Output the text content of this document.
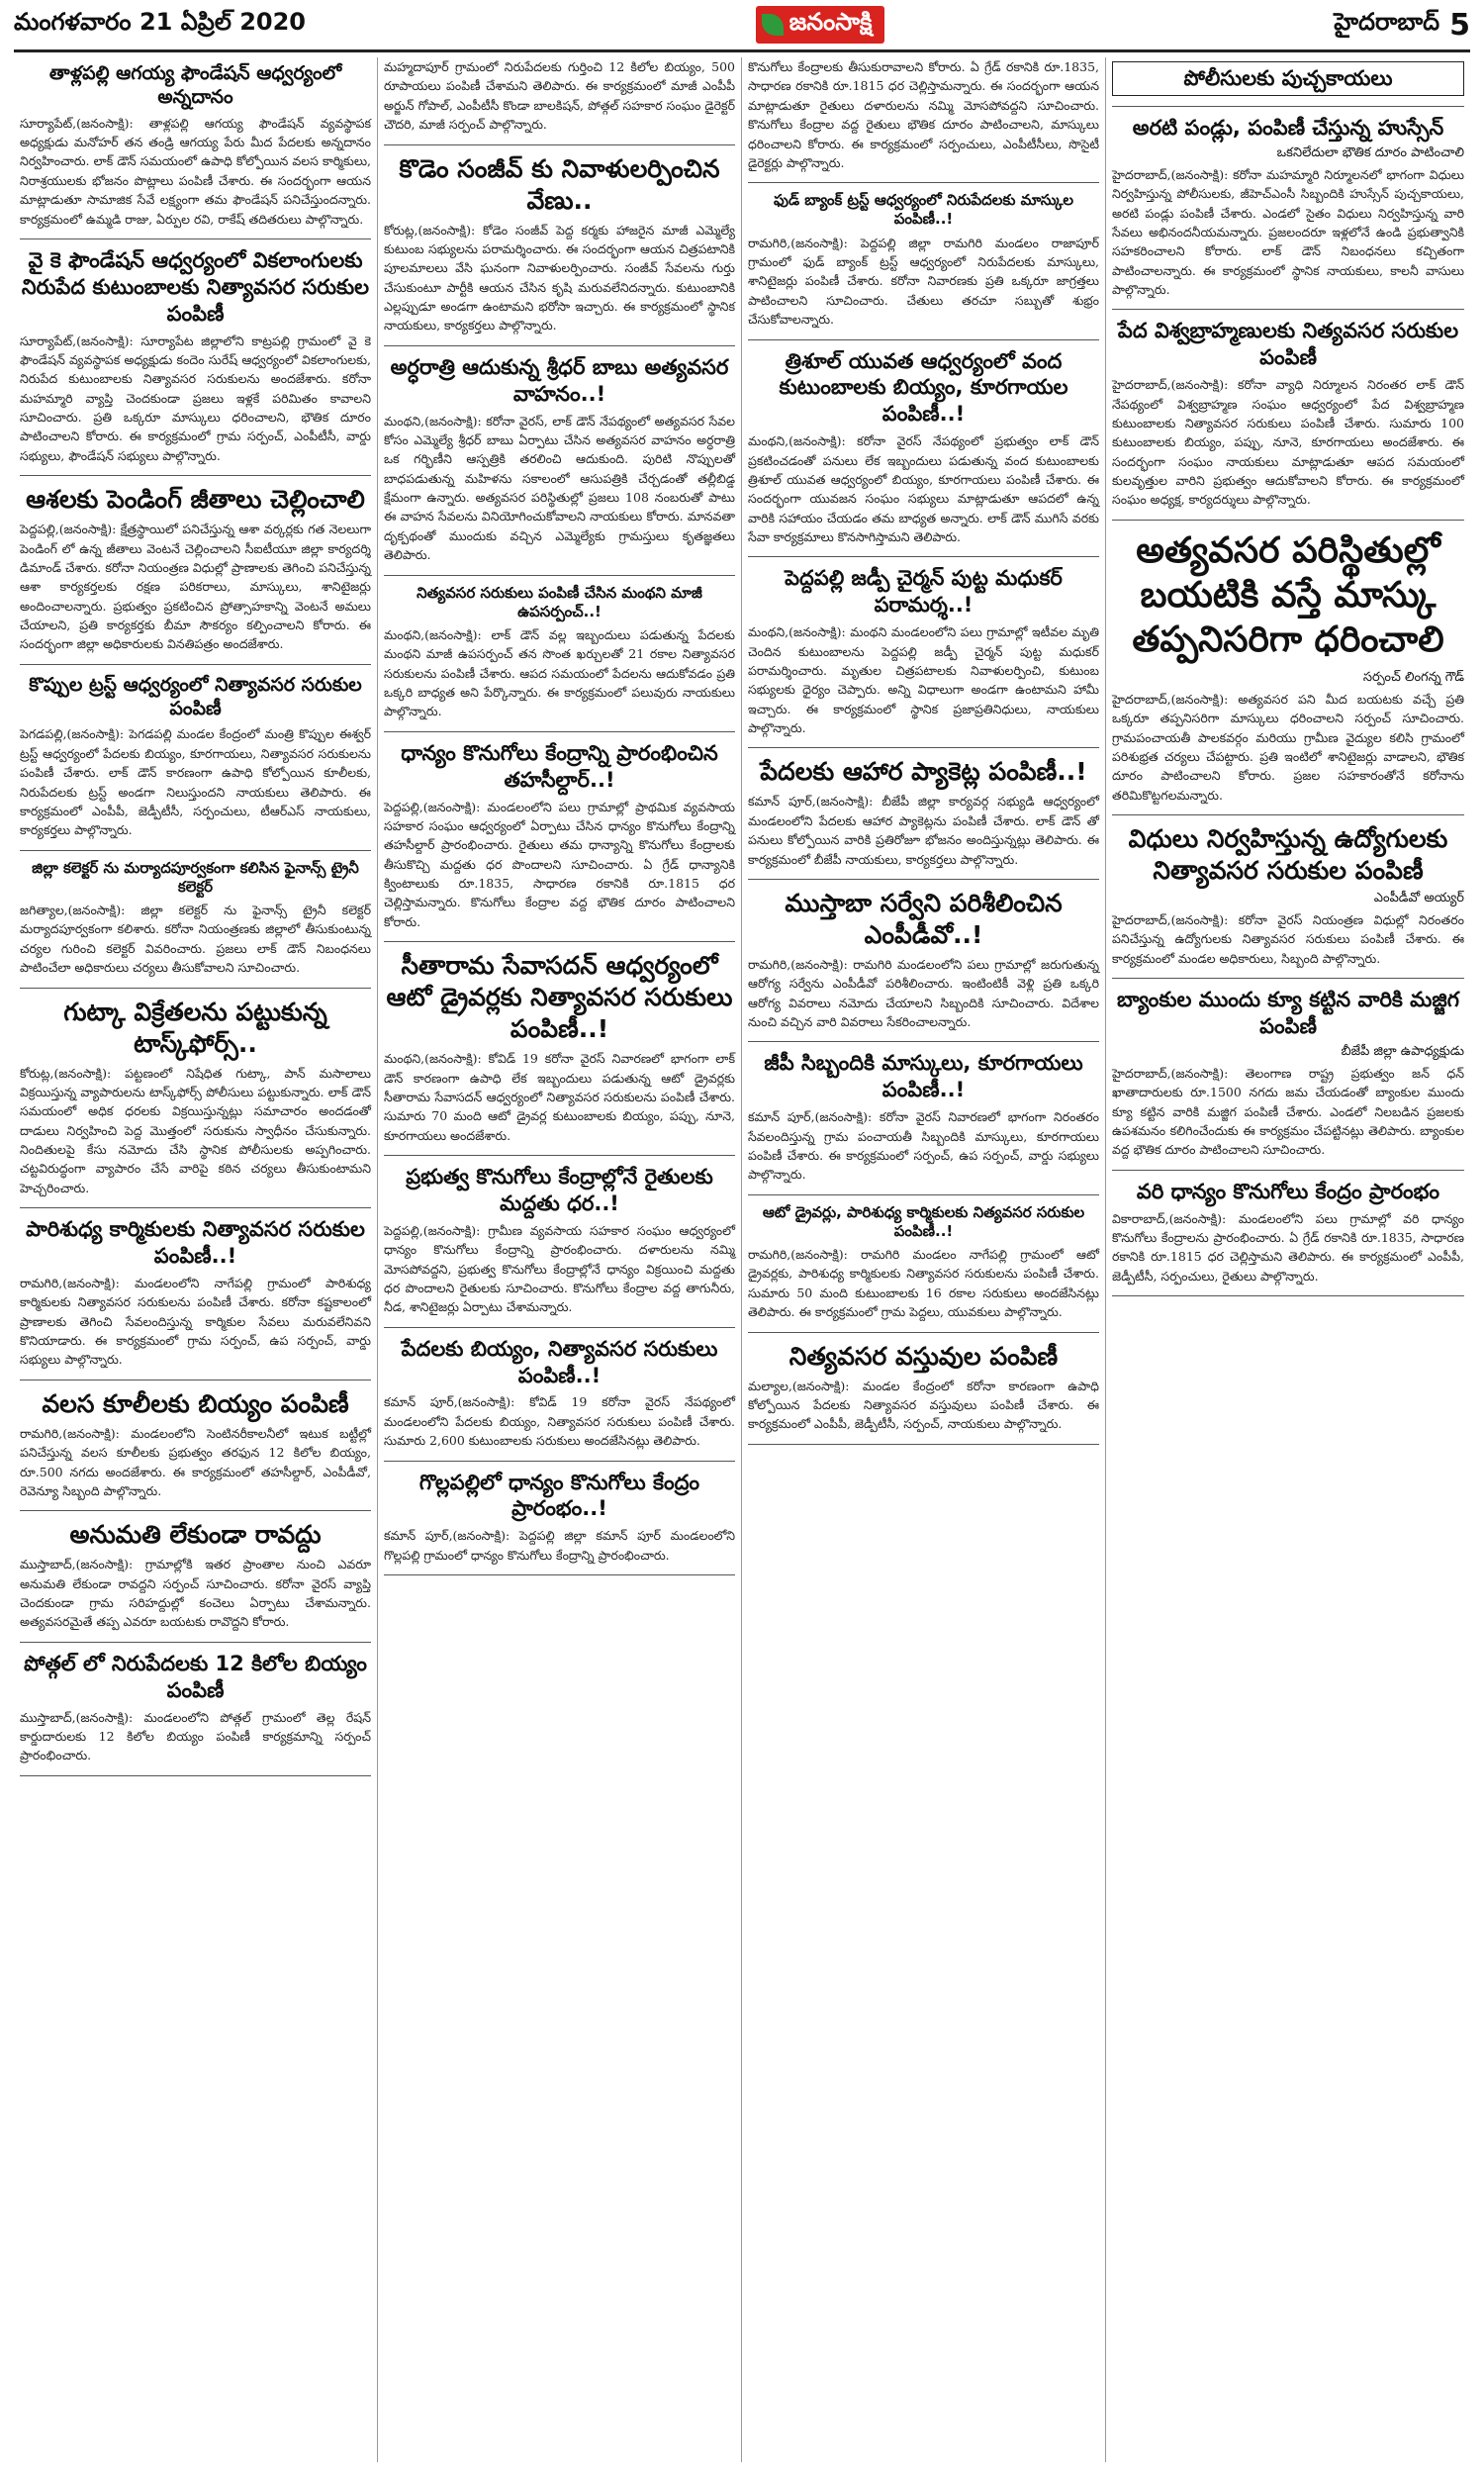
మంగళవారం 21 ఏప్రిల్ 2020	జనంసాక్షి	హైదరాబాద్ 5
తాళ్లపల్లి ఆగయ్య ఫౌండేషన్ ఆధ్వర్యంలో అన్నదానం

సూర్యాపేట్,(జనంసాక్షి): తాళ్లపల్లి ఆగయ్య ఫౌండేషన్ వ్యవస్థాపక అధ్యక్షుడు మనోహర్ తన తండ్రి ఆగయ్య పేరు మీద పేదలకు అన్నదానం నిర్వహించారు. లాక్ డౌన్ సమయంలో ఉపాధి కోల్పోయిన వలస కార్మికులు, నిరాశ్రయులకు భోజనం పొట్లాలు పంపిణీ చేశారు. ఈ సందర్భంగా ఆయన మాట్లాడుతూ సామాజిక సేవే లక్ష్యంగా తమ ఫౌండేషన్ పనిచేస్తుందన్నారు. కార్యక్రమంలో ఉమ్మడి రాజు, ఏర్పుల రవి, రాకేష్ తదితరులు పాల్గొన్నారు.

వై కె ఫౌండేషన్ ఆధ్వర్యంలో వికలాంగులకు నిరుపేద కుటుంబాలకు నిత్యావసర సరుకుల పంపిణీ

సూర్యాపేట్,(జనంసాక్షి): సూర్యాపేట జిల్లాలోని కాట్రపల్లి గ్రామంలో వై కె ఫౌండేషన్ వ్యవస్థాపక అధ్యక్షుడు కందెం సురేష్ ఆధ్వర్యంలో వికలాంగులకు, నిరుపేద కుటుంబాలకు నిత్యావసర సరుకులను అందజేశారు. కరోనా మహమ్మారి వ్యాప్తి చెందకుండా ప్రజలు ఇళ్లకే పరిమితం కావాలని సూచించారు. ప్రతి ఒక్కరూ మాస్కులు ధరించాలని, భౌతిక దూరం పాటించాలని కోరారు. ఈ కార్యక్రమంలో గ్రామ సర్పంచ్, ఎంపీటీసీ, వార్డు సభ్యులు, ఫౌండేషన్ సభ్యులు పాల్గొన్నారు.

ఆశలకు పెండింగ్ జీతాలు చెల్లించాలి

పెద్దపల్లి,(జనంసాక్షి): క్షేత్రస్థాయిలో పనిచేస్తున్న ఆశా వర్కర్లకు గత నెలలుగా పెండింగ్ లో ఉన్న జీతాలు వెంటనే చెల్లించాలని సీఐటీయూ జిల్లా కార్యదర్శి డిమాండ్ చేశారు. కరోనా నియంత్రణ విధుల్లో ప్రాణాలకు తెగించి పనిచేస్తున్న ఆశా కార్యకర్తలకు రక్షణ పరికరాలు, మాస్కులు, శానిటైజర్లు అందించాలన్నారు. ప్రభుత్వం ప్రకటించిన ప్రోత్సాహకాన్ని వెంటనే అమలు చేయాలని, ప్రతి కార్యకర్తకు బీమా సౌకర్యం కల్పించాలని కోరారు. ఈ సందర్భంగా జిల్లా అధికారులకు వినతిపత్రం అందజేశారు.

కొప్పుల ట్రస్ట్ ఆధ్వర్యంలో నిత్యావసర సరుకుల పంపిణీ

పెగడపల్లి,(జనంసాక్షి): పెగడపల్లి మండల కేంద్రంలో మంత్రి కొప్పుల ఈశ్వర్ ట్రస్ట్ ఆధ్వర్యంలో పేదలకు బియ్యం, కూరగాయలు, నిత్యావసర సరుకులను పంపిణీ చేశారు. లాక్ డౌన్ కారణంగా ఉపాధి కోల్పోయిన కూలీలకు, నిరుపేదలకు ట్రస్ట్ అండగా నిలుస్తుందని నాయకులు తెలిపారు. ఈ కార్యక్రమంలో ఎంపీపీ, జెడ్పీటీసీ, సర్పంచులు, టీఆర్ఎస్ నాయకులు, కార్యకర్తలు పాల్గొన్నారు.

జిల్లా కలెక్టర్ ను మర్యాదపూర్వకంగా కలిసిన ఫైనాన్స్ ట్రైనీ కలెక్టర్

జగిత్యాల,(జనంసాక్షి): జిల్లా కలెక్టర్ ను ఫైనాన్స్ ట్రైనీ కలెక్టర్ మర్యాదపూర్వకంగా కలిశారు. కరోనా నియంత్రణకు జిల్లాలో తీసుకుంటున్న చర్యల గురించి కలెక్టర్ వివరించారు. ప్రజలు లాక్ డౌన్ నిబంధనలు పాటించేలా అధికారులు చర్యలు తీసుకోవాలని సూచించారు.

గుట్కా విక్రేతలను పట్టుకున్న టాస్క్‌ఫోర్స్..

కోరుట్ల,(జనంసాక్షి): పట్టణంలో నిషేధిత గుట్కా, పాన్ మసాలాలు విక్రయిస్తున్న వ్యాపారులను టాస్క్‌ఫోర్స్ పోలీసులు పట్టుకున్నారు. లాక్ డౌన్ సమయంలో అధిక ధరలకు విక్రయిస్తున్నట్లు సమాచారం అందడంతో దాడులు నిర్వహించి పెద్ద మొత్తంలో సరుకును స్వాధీనం చేసుకున్నారు. నిందితులపై కేసు నమోదు చేసి స్థానిక పోలీసులకు అప్పగించారు. చట్టవిరుద్ధంగా వ్యాపారం చేసే వారిపై కఠిన చర్యలు తీసుకుంటామని హెచ్చరించారు.

పారిశుధ్య కార్మికులకు నిత్యావసర సరుకుల పంపిణీ..!

రామగిరి,(జనంసాక్షి): మండలంలోని నాగేపల్లి గ్రామంలో పారిశుధ్య కార్మికులకు నిత్యావసర సరుకులను పంపిణీ చేశారు. కరోనా కష్టకాలంలో ప్రాణాలకు తెగించి సేవలందిస్తున్న కార్మికుల సేవలు మరువలేనివని కొనియాడారు. ఈ కార్యక్రమంలో గ్రామ సర్పంచ్, ఉప సర్పంచ్, వార్డు సభ్యులు పాల్గొన్నారు.

వలస కూలీలకు బియ్యం పంపిణీ

రామగిరి,(జనంసాక్షి): మండలంలోని సెంటినరీకాలనీలో ఇటుక బట్టీల్లో పనిచేస్తున్న వలస కూలీలకు ప్రభుత్వం తరఫున 12 కిలోల బియ్యం, రూ.500 నగదు అందజేశారు. ఈ కార్యక్రమంలో తహసీల్దార్, ఎంపీడీవో, రెవెన్యూ సిబ్బంది పాల్గొన్నారు.

అనుమతి లేకుండా రావద్దు

ముస్తాబాద్,(జనంసాక్షి): గ్రామాల్లోకి ఇతర ప్రాంతాల నుంచి ఎవరూ అనుమతి లేకుండా రావద్దని సర్పంచ్ సూచించారు. కరోనా వైరస్ వ్యాప్తి చెందకుండా గ్రామ సరిహద్దుల్లో కంచెలు ఏర్పాటు చేశామన్నారు. అత్యవసరమైతే తప్ప ఎవరూ బయటకు రావొద్దని కోరారు.

పోత్గల్ లో నిరుపేదలకు 12 కిలోల బియ్యం పంపిణీ

ముస్తాబాద్,(జనంసాక్షి): మండలంలోని పోత్గల్ గ్రామంలో తెల్ల రేషన్ కార్డుదారులకు 12 కిలోల బియ్యం పంపిణీ కార్యక్రమాన్ని సర్పంచ్ ప్రారంభించారు.

మహ్మదాపూర్ గ్రామంలో నిరుపేదలకు గుర్తించి 12 కిలోల బియ్యం, 500 రూపాయలు పంపిణీ చేశామని తెలిపారు. ఈ కార్యక్రమంలో మాజీ ఎంపీపీ అర్జున్ గోపాల్, ఎంపీటీసీ కొండా బాలకిషన్, పోత్గల్ సహకార సంఘం డైరెక్టర్ చౌదరి, మాజీ సర్పంచ్ పాల్గొన్నారు.

కొడెం సంజీవ్ కు నివాళులర్పించిన వేణు..

కోరుట్ల,(జనంసాక్షి): కోడెం సంజీవ్ పెద్ద కర్మకు హాజరైన మాజీ ఎమ్మెల్యే కుటుంబ సభ్యులను పరామర్శించారు. ఈ సందర్భంగా ఆయన చిత్రపటానికి పూలమాలలు వేసి ఘనంగా నివాళులర్పించారు. సంజీవ్ సేవలను గుర్తు చేసుకుంటూ పార్టీకి ఆయన చేసిన కృషి మరువలేనిదన్నారు. కుటుంబానికి ఎల్లప్పుడూ అండగా ఉంటామని భరోసా ఇచ్చారు. ఈ కార్యక్రమంలో స్థానిక నాయకులు, కార్యకర్తలు పాల్గొన్నారు.

అర్ధరాత్రి ఆదుకున్న శ్రీధర్ బాబు అత్యవసర వాహనం..!

మంథని,(జనంసాక్షి): కరోనా వైరస్, లాక్ డౌన్ నేపథ్యంలో అత్యవసర సేవల కోసం ఎమ్మెల్యే శ్రీధర్ బాబు ఏర్పాటు చేసిన అత్యవసర వాహనం అర్ధరాత్రి ఒక గర్భిణీని ఆస్పత్రికి తరలించి ఆదుకుంది. పురిటి నొప్పులతో బాధపడుతున్న మహిళను సకాలంలో ఆసుపత్రికి చేర్చడంతో తల్లీబిడ్డ క్షేమంగా ఉన్నారు. అత్యవసర పరిస్థితుల్లో ప్రజలు 108 నంబరుతో పాటు ఈ వాహన సేవలను వినియోగించుకోవాలని నాయకులు కోరారు. మానవతా దృక్పథంతో ముందుకు వచ్చిన ఎమ్మెల్యేకు గ్రామస్తులు కృతజ్ఞతలు తెలిపారు.

నిత్యవసర సరుకులు పంపిణీ చేసిన మంథని మాజీ ఉపసర్పంచ్..!

మంథని,(జనంసాక్షి): లాక్ డౌన్ వల్ల ఇబ్బందులు పడుతున్న పేదలకు మంథని మాజీ ఉపసర్పంచ్ తన సొంత ఖర్చులతో 21 రకాల నిత్యావసర సరుకులను పంపిణీ చేశారు. ఆపద సమయంలో పేదలను ఆదుకోవడం ప్రతి ఒక్కరి బాధ్యత అని పేర్కొన్నారు. ఈ కార్యక్రమంలో పలువురు నాయకులు పాల్గొన్నారు.

ధాన్యం కొనుగోలు కేంద్రాన్ని ప్రారంభించిన తహసీల్దార్..!

పెద్దపల్లి,(జనంసాక్షి): మండలంలోని పలు గ్రామాల్లో ప్రాథమిక వ్యవసాయ సహకార సంఘం ఆధ్వర్యంలో ఏర్పాటు చేసిన ధాన్యం కొనుగోలు కేంద్రాన్ని తహసీల్దార్ ప్రారంభించారు. రైతులు తమ ధాన్యాన్ని కొనుగోలు కేంద్రాలకు తీసుకొచ్చి మద్దతు ధర పొందాలని సూచించారు. ఏ గ్రేడ్ ధాన్యానికి క్వింటాలుకు రూ.1835, సాధారణ రకానికి రూ.1815 ధర చెల్లిస్తామన్నారు. కొనుగోలు కేంద్రాల వద్ద భౌతిక దూరం పాటించాలని కోరారు.

సీతారామ సేవాసదన్ ఆధ్వర్యంలో ఆటో డ్రైవర్లకు నిత్యావసర సరుకులు పంపిణీ..!

మంథని,(జనంసాక్షి): కోవిడ్ 19 కరోనా వైరస్ నివారణలో భాగంగా లాక్ డౌన్ కారణంగా ఉపాధి లేక ఇబ్బందులు పడుతున్న ఆటో డ్రైవర్లకు సీతారామ సేవాసదన్ ఆధ్వర్యంలో నిత్యావసర సరుకులను పంపిణీ చేశారు. సుమారు 70 మంది ఆటో డ్రైవర్ల కుటుంబాలకు బియ్యం, పప్పు, నూనె, కూరగాయలు అందజేశారు.

ప్రభుత్వ కొనుగోలు కేంద్రాల్లోనే రైతులకు మద్దతు ధర..!

పెద్దపల్లి,(జనంసాక్షి): గ్రామీణ వ్యవసాయ సహకార సంఘం ఆధ్వర్యంలో ధాన్యం కొనుగోలు కేంద్రాన్ని ప్రారంభించారు. దళారులను నమ్మి మోసపోవద్దని, ప్రభుత్వ కొనుగోలు కేంద్రాల్లోనే ధాన్యం విక్రయించి మద్దతు ధర పొందాలని రైతులకు సూచించారు. కొనుగోలు కేంద్రాల వద్ద తాగునీరు, నీడ, శానిటైజర్లు ఏర్పాటు చేశామన్నారు.

పేదలకు బియ్యం, నిత్యావసర సరుకులు పంపిణీ..!

కమాన్ పూర్,(జనంసాక్షి): కోవిడ్ 19 కరోనా వైరస్ నేపథ్యంలో మండలంలోని పేదలకు బియ్యం, నిత్యావసర సరుకులు పంపిణీ చేశారు. సుమారు 2,600 కుటుంబాలకు సరుకులు అందజేసినట్లు తెలిపారు.

గొల్లపల్లిలో ధాన్యం కొనుగోలు కేంద్రం ప్రారంభం..!

కమాన్ పూర్,(జనంసాక్షి): పెద్దపల్లి జిల్లా కమాన్ పూర్ మండలంలోని గొల్లపల్లి గ్రామంలో ధాన్యం కొనుగోలు కేంద్రాన్ని ప్రారంభించారు.

కొనుగోలు కేంద్రాలకు తీసుకురావాలని కోరారు. ఏ గ్రేడ్ రకానికి రూ.1835, సాధారణ రకానికి రూ.1815 ధర చెల్లిస్తామన్నారు. ఈ సందర్భంగా ఆయన మాట్లాడుతూ రైతులు దళారులను నమ్మి మోసపోవద్దని సూచించారు. కొనుగోలు కేంద్రాల వద్ద రైతులు భౌతిక దూరం పాటించాలని, మాస్కులు ధరించాలని కోరారు. ఈ కార్యక్రమంలో సర్పంచులు, ఎంపీటీసీలు, సొసైటీ డైరెక్టర్లు పాల్గొన్నారు.

ఫుడ్ బ్యాంక్ ట్రస్ట్ ఆధ్వర్యంలో నిరుపేదలకు మాస్కుల పంపిణీ..!

రామగిరి,(జనంసాక్షి): పెద్దపల్లి జిల్లా రామగిరి మండలం రాజాపూర్ గ్రామంలో ఫుడ్ బ్యాంక్ ట్రస్ట్ ఆధ్వర్యంలో నిరుపేదలకు మాస్కులు, శానిటైజర్లు పంపిణీ చేశారు. కరోనా నివారణకు ప్రతి ఒక్కరూ జాగ్రత్తలు పాటించాలని సూచించారు. చేతులు తరచూ సబ్బుతో శుభ్రం చేసుకోవాలన్నారు.

త్రిశూల్ యువత ఆధ్వర్యంలో వంద కుటుంబాలకు బియ్యం, కూరగాయల పంపిణీ..!

మంథని,(జనంసాక్షి): కరోనా వైరస్ నేపథ్యంలో ప్రభుత్వం లాక్ డౌన్ ప్రకటించడంతో పనులు లేక ఇబ్బందులు పడుతున్న వంద కుటుంబాలకు త్రిశూల్ యువత ఆధ్వర్యంలో బియ్యం, కూరగాయలు పంపిణీ చేశారు. ఈ సందర్భంగా యువజన సంఘం సభ్యులు మాట్లాడుతూ ఆపదలో ఉన్న వారికి సహాయం చేయడం తమ బాధ్యత అన్నారు. లాక్ డౌన్ ముగిసే వరకు సేవా కార్యక్రమాలు కొనసాగిస్తామని తెలిపారు.

పెద్దపల్లి జడ్పీ చైర్మన్ పుట్ట మధుకర్ పరామర్శ..!

మంథని,(జనంసాక్షి): మంథని మండలంలోని పలు గ్రామాల్లో ఇటీవల మృతి చెందిన కుటుంబాలను పెద్దపల్లి జడ్పీ చైర్మన్ పుట్ట మధుకర్ పరామర్శించారు. మృతుల చిత్రపటాలకు నివాళులర్పించి, కుటుంబ సభ్యులకు ధైర్యం చెప్పారు. అన్ని విధాలుగా అండగా ఉంటామని హామీ ఇచ్చారు. ఈ కార్యక్రమంలో స్థానిక ప్రజాప్రతినిధులు, నాయకులు పాల్గొన్నారు.

పేదలకు ఆహార ప్యాకెట్ల పంపిణీ..!

కమాన్ పూర్,(జనంసాక్షి): బీజేపీ జిల్లా కార్యవర్గ సభ్యుడి ఆధ్వర్యంలో మండలంలోని పేదలకు ఆహార ప్యాకెట్లను పంపిణీ చేశారు. లాక్ డౌన్ తో పనులు కోల్పోయిన వారికి ప్రతిరోజూ భోజనం అందిస్తున్నట్లు తెలిపారు. ఈ కార్యక్రమంలో బీజేపీ నాయకులు, కార్యకర్తలు పాల్గొన్నారు.

ముస్తాబా సర్వేని పరిశీలించిన ఎంపీడీవో..!

రామగిరి,(జనంసాక్షి): రామగిరి మండలంలోని పలు గ్రామాల్లో జరుగుతున్న ఆరోగ్య సర్వేను ఎంపీడీవో పరిశీలించారు. ఇంటింటికీ వెళ్లి ప్రతి ఒక్కరి ఆరోగ్య వివరాలు నమోదు చేయాలని సిబ్బందికి సూచించారు. విదేశాల నుంచి వచ్చిన వారి వివరాలు సేకరించాలన్నారు.

జీపీ సిబ్బందికి మాస్కులు, కూరగాయలు పంపిణీ..!

కమాన్ పూర్,(జనంసాక్షి): కరోనా వైరస్ నివారణలో భాగంగా నిరంతరం సేవలందిస్తున్న గ్రామ పంచాయతీ సిబ్బందికి మాస్కులు, కూరగాయలు పంపిణీ చేశారు. ఈ కార్యక్రమంలో సర్పంచ్, ఉప సర్పంచ్, వార్డు సభ్యులు పాల్గొన్నారు.

ఆటో డ్రైవర్లు, పారిశుధ్య కార్మికులకు నిత్యవసర సరుకుల పంపిణీ..!

రామగిరి,(జనంసాక్షి): రామగిరి మండలం నాగేపల్లి గ్రామంలో ఆటో డ్రైవర్లకు, పారిశుధ్య కార్మికులకు నిత్యావసర సరుకులను పంపిణీ చేశారు. సుమారు 50 మంది కుటుంబాలకు 16 రకాల సరుకులు అందజేసినట్లు తెలిపారు. ఈ కార్యక్రమంలో గ్రామ పెద్దలు, యువకులు పాల్గొన్నారు.

నిత్యవసర వస్తువుల పంపిణీ

మల్యాల,(జనంసాక్షి): మండల కేంద్రంలో కరోనా కారణంగా ఉపాధి కోల్పోయిన పేదలకు నిత్యావసర వస్తువులు పంపిణీ చేశారు. ఈ కార్యక్రమంలో ఎంపీపీ, జెడ్పీటీసీ, సర్పంచ్, నాయకులు పాల్గొన్నారు.

పోలీసులకు పుచ్చకాయలు
అరటి పండ్లు, పంపిణీ చేస్తున్న హుస్సేన్
ఒకనిలేదులా భౌతిక దూరం పాటించాలి

హైదరాబాద్,(జనంసాక్షి): కరోనా మహమ్మారి నిర్మూలనలో భాగంగా విధులు నిర్వహిస్తున్న పోలీసులకు, జీహెచ్ఎంసీ సిబ్బందికి హుస్సేన్ పుచ్చకాయలు, అరటి పండ్లు పంపిణీ చేశారు. ఎండలో సైతం విధులు నిర్వహిస్తున్న వారి సేవలు అభినందనీయమన్నారు. ప్రజలందరూ ఇళ్లలోనే ఉండి ప్రభుత్వానికి సహకరించాలని కోరారు. లాక్ డౌన్ నిబంధనలు కచ్చితంగా పాటించాలన్నారు. ఈ కార్యక్రమంలో స్థానిక నాయకులు, కాలనీ వాసులు పాల్గొన్నారు.

పేద విశ్వబ్రాహ్మణులకు నిత్యవసర సరుకుల పంపిణీ

హైదరాబాద్,(జనంసాక్షి): కరోనా వ్యాధి నిర్మూలన నిరంతర లాక్ డౌన్ నేపథ్యంలో విశ్వబ్రాహ్మణ సంఘం ఆధ్వర్యంలో పేద విశ్వబ్రాహ్మణ కుటుంబాలకు నిత్యావసర సరుకులు పంపిణీ చేశారు. సుమారు 100 కుటుంబాలకు బియ్యం, పప్పు, నూనె, కూరగాయలు అందజేశారు. ఈ సందర్భంగా సంఘం నాయకులు మాట్లాడుతూ ఆపద సమయంలో కులవృత్తుల వారిని ప్రభుత్వం ఆదుకోవాలని కోరారు. ఈ కార్యక్రమంలో సంఘం అధ్యక్ష, కార్యదర్శులు పాల్గొన్నారు.

అత్యవసర పరిస్థితుల్లో బయటికి వస్తే మాస్కు తప్పనిసరిగా ధరించాలి
సర్పంచ్ లింగన్న గౌడ్

హైదరాబాద్,(జనంసాక్షి): అత్యవసర పని మీద బయటకు వచ్చే ప్రతి ఒక్కరూ తప్పనిసరిగా మాస్కులు ధరించాలని సర్పంచ్ సూచించారు. గ్రామపంచాయతీ పాలకవర్గం మరియు గ్రామీణ వైద్యుల కలిసి గ్రామంలో పరిశుభ్రత చర్యలు చేపట్టారు. ప్రతి ఇంటిలో శానిటైజర్లు వాడాలని, భౌతిక దూరం పాటించాలని కోరారు. ప్రజల సహకారంతోనే కరోనాను తరిమికొట్టగలమన్నారు.

విధులు నిర్వహిస్తున్న ఉద్యోగులకు నిత్యావసర సరుకుల పంపిణీ
ఎంపీడీవో అయ్యర్

హైదరాబాద్,(జనంసాక్షి): కరోనా వైరస్ నియంత్రణ విధుల్లో నిరంతరం పనిచేస్తున్న ఉద్యోగులకు నిత్యావసర సరుకులు పంపిణీ చేశారు. ఈ కార్యక్రమంలో మండల అధికారులు, సిబ్బంది పాల్గొన్నారు.

బ్యాంకుల ముందు క్యూ కట్టిన వారికి మజ్జిగ పంపిణీ
బీజేపీ జిల్లా ఉపాధ్యక్షుడు

హైదరాబాద్,(జనంసాక్షి): తెలంగాణ రాష్ట్ర ప్రభుత్వం జన్ ధన్ ఖాతాదారులకు రూ.1500 నగదు జమ చేయడంతో బ్యాంకుల ముందు క్యూ కట్టిన వారికి మజ్జిగ పంపిణీ చేశారు. ఎండలో నిలబడిన ప్రజలకు ఉపశమనం కలిగించేందుకు ఈ కార్యక్రమం చేపట్టినట్లు తెలిపారు. బ్యాంకుల వద్ద భౌతిక దూరం పాటించాలని సూచించారు.

వరి ధాన్యం కొనుగోలు కేంద్రం ప్రారంభం

వికారాబాద్,(జనంసాక్షి): మండలంలోని పలు గ్రామాల్లో వరి ధాన్యం కొనుగోలు కేంద్రాలను ప్రారంభించారు. ఏ గ్రేడ్ రకానికి రూ.1835, సాధారణ రకానికి రూ.1815 ధర చెల్లిస్తామని తెలిపారు. ఈ కార్యక్రమంలో ఎంపీపీ, జెడ్పీటీసీ, సర్పంచులు, రైతులు పాల్గొన్నారు.
